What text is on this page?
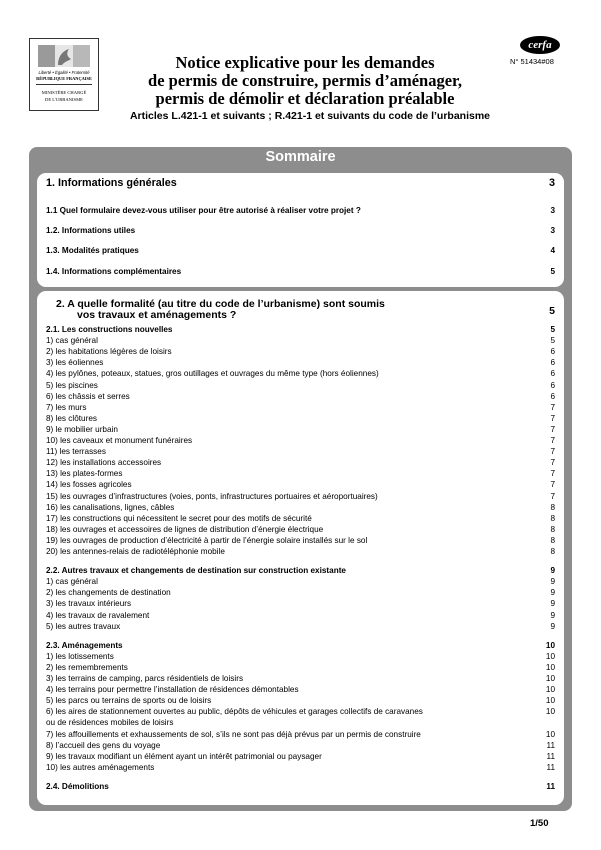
Liberté • Égalité • Fraternité
RÉPUBLIQUE FRANÇAISE
MINISTÈRE CHARGÉ
DE L'URBANISME
Notice explicative pour les demandes
de permis de construire, permis d’aménager,
permis de démolir et déclaration préalable
Articles L.421-1 et suivants ; R.421-1 et suivants du code de l’urbanisme
cerfa
N° 51434#08
Sommaire
1. Informations générales	3
1.1 Quel formulaire devez-vous utiliser pour être autorisé à réaliser votre projet ?	3
1.2. Informations utiles	3
1.3. Modalités pratiques	4
1.4. Informations complémentaires	5
2. A quelle formalité (au titre du code de l’urbanisme) sont soumis
vos travaux et aménagements ?	5
2.1. Les constructions nouvelles	5
1) cas général	5
2) les habitations légères de loisirs	6
3) les éoliennes	6
4) les pylônes, poteaux, statues, gros outillages et ouvrages du même type (hors éoliennes)	6
5) les piscines	6
6) les châssis et serres	6
7) les murs	7
8) les clôtures	7
9) le mobilier urbain	7
10) les caveaux et monument funéraires	7
11) les terrasses	7
12) les installations accessoires	7
13) les plates-formes	7
14) les fosses agricoles	7
15) les ouvrages d’infrastructures (voies, ponts, infrastructures portuaires et aéroportuaires)	7
16) les canalisations, lignes, câbles	8
17) les constructions qui nécessitent le secret pour des motifs de sécurité	8
18) les ouvrages et accessoires de lignes de distribution d’énergie électrique	8
19) les ouvrages de production d’électricité à partir de l’énergie solaire installés sur le sol	8
20) les antennes-relais de radiotéléphonie mobile	8
2.2. Autres travaux et changements de destination sur construction existante	9
1) cas général	9
2) les changements de destination	9
3) les travaux intérieurs	9
4) les travaux de ravalement	9
5) les autres travaux	9
2.3. Aménagements	10
1) les lotissements	10
2) les remembrements	10
3) les terrains de camping, parcs résidentiels de loisirs	10
4) les terrains pour permettre l’installation de résidences démontables	10
5) les parcs ou terrains de sports ou de loisirs	10
6) les aires de stationnement ouvertes au public, dépôts de véhicules et garages collectifs de caravanes	10
ou de résidences mobiles de loisirs
7) les affouillements et exhaussements de sol, s’ils ne sont pas déjà prévus par un permis de construire	10
8) l’accueil des gens du voyage	11
9) les travaux modifiant un élément ayant un intérêt patrimonial ou paysager	11
10) les autres aménagements	11
2.4. Démolitions	11
1/50
